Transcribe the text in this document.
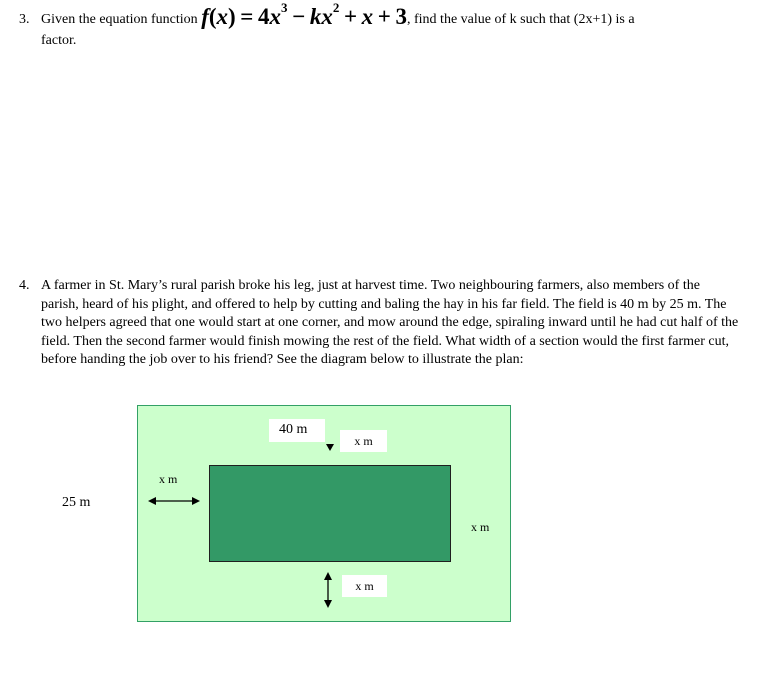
3. Given the equation function $f(x) = 4x^3 - kx^2 + x + 3$, find the value of k such that (2x+1) is a
factor.
4. A farmer in St. Mary’s rural parish broke his leg, just at harvest time. Two neighbouring farmers, also members of the parish, heard of his plight, and offered to help by cutting and baling the hay in his far field. The field is 40 m by 25 m. The two helpers agreed that one would start at one corner, and mow around the edge, spiraling inward until he had cut half of the field. Then the second farmer would finish mowing the rest of the field. What width of a section would the first farmer cut, before handing the job over to his friend? See the diagram below to illustrate the plan:
40 m
x m
x m
x m
x m
25 m
